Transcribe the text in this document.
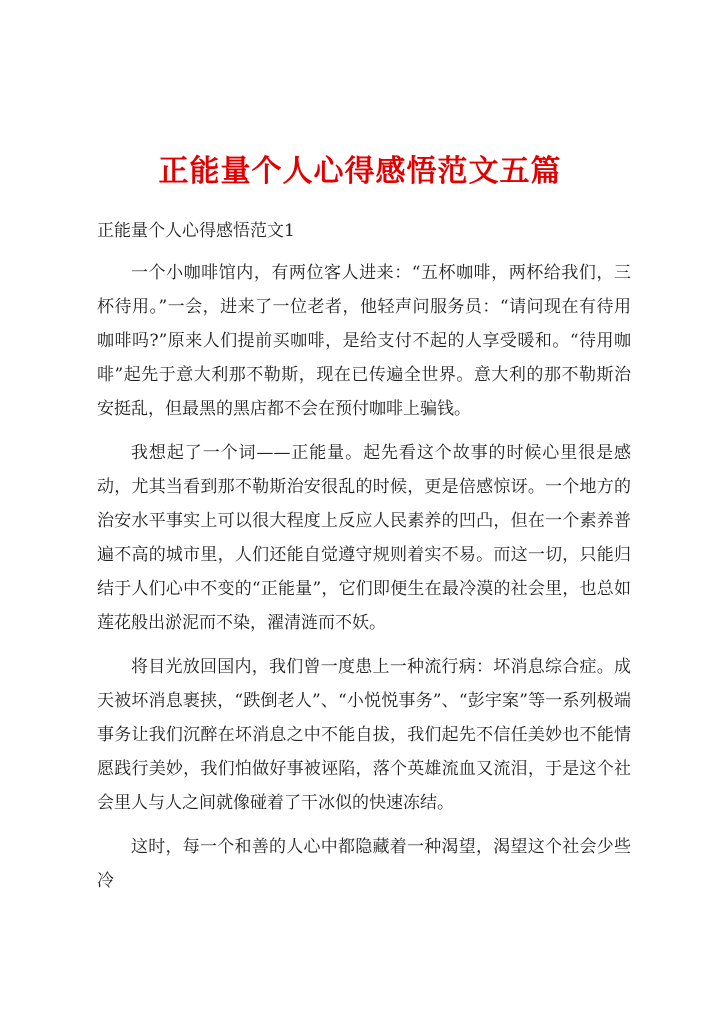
正能量个人心得感悟范文五篇

正能量个人心得感悟范文1

一个小咖啡馆内，有两位客人进来：“五杯咖啡，两杯给我们，三杯待用。”一会，进来了一位老者，他轻声问服务员：“请问现在有待用咖啡吗?”原来人们提前买咖啡，是给支付不起的人享受暖和。“待用咖啡”起先于意大利那不勒斯，现在已传遍全世界。意大利的那不勒斯治安挺乱，但最黑的黑店都不会在预付咖啡上骗钱。

我想起了一个词——正能量。起先看这个故事的时候心里很是感动，尤其当看到那不勒斯治安很乱的时候，更是倍感惊讶。一个地方的治安水平事实上可以很大程度上反应人民素养的凹凸，但在一个素养普遍不高的城市里，人们还能自觉遵守规则着实不易。而这一切，只能归结于人们心中不变的“正能量”，它们即便生在最冷漠的社会里，也总如莲花般出淤泥而不染，濯清涟而不妖。

将目光放回国内，我们曾一度患上一种流行病：坏消息综合症。成天被坏消息裹挟，“跌倒老人”、“小悦悦事务”、“彭宇案”等一系列极端事务让我们沉醉在坏消息之中不能自拔，我们起先不信任美妙也不能情愿践行美妙，我们怕做好事被诬陷，落个英雄流血又流泪，于是这个社会里人与人之间就像碰着了干冰似的快速冻结。

这时，每一个和善的人心中都隐藏着一种渴望，渴望这个社会少些冷
